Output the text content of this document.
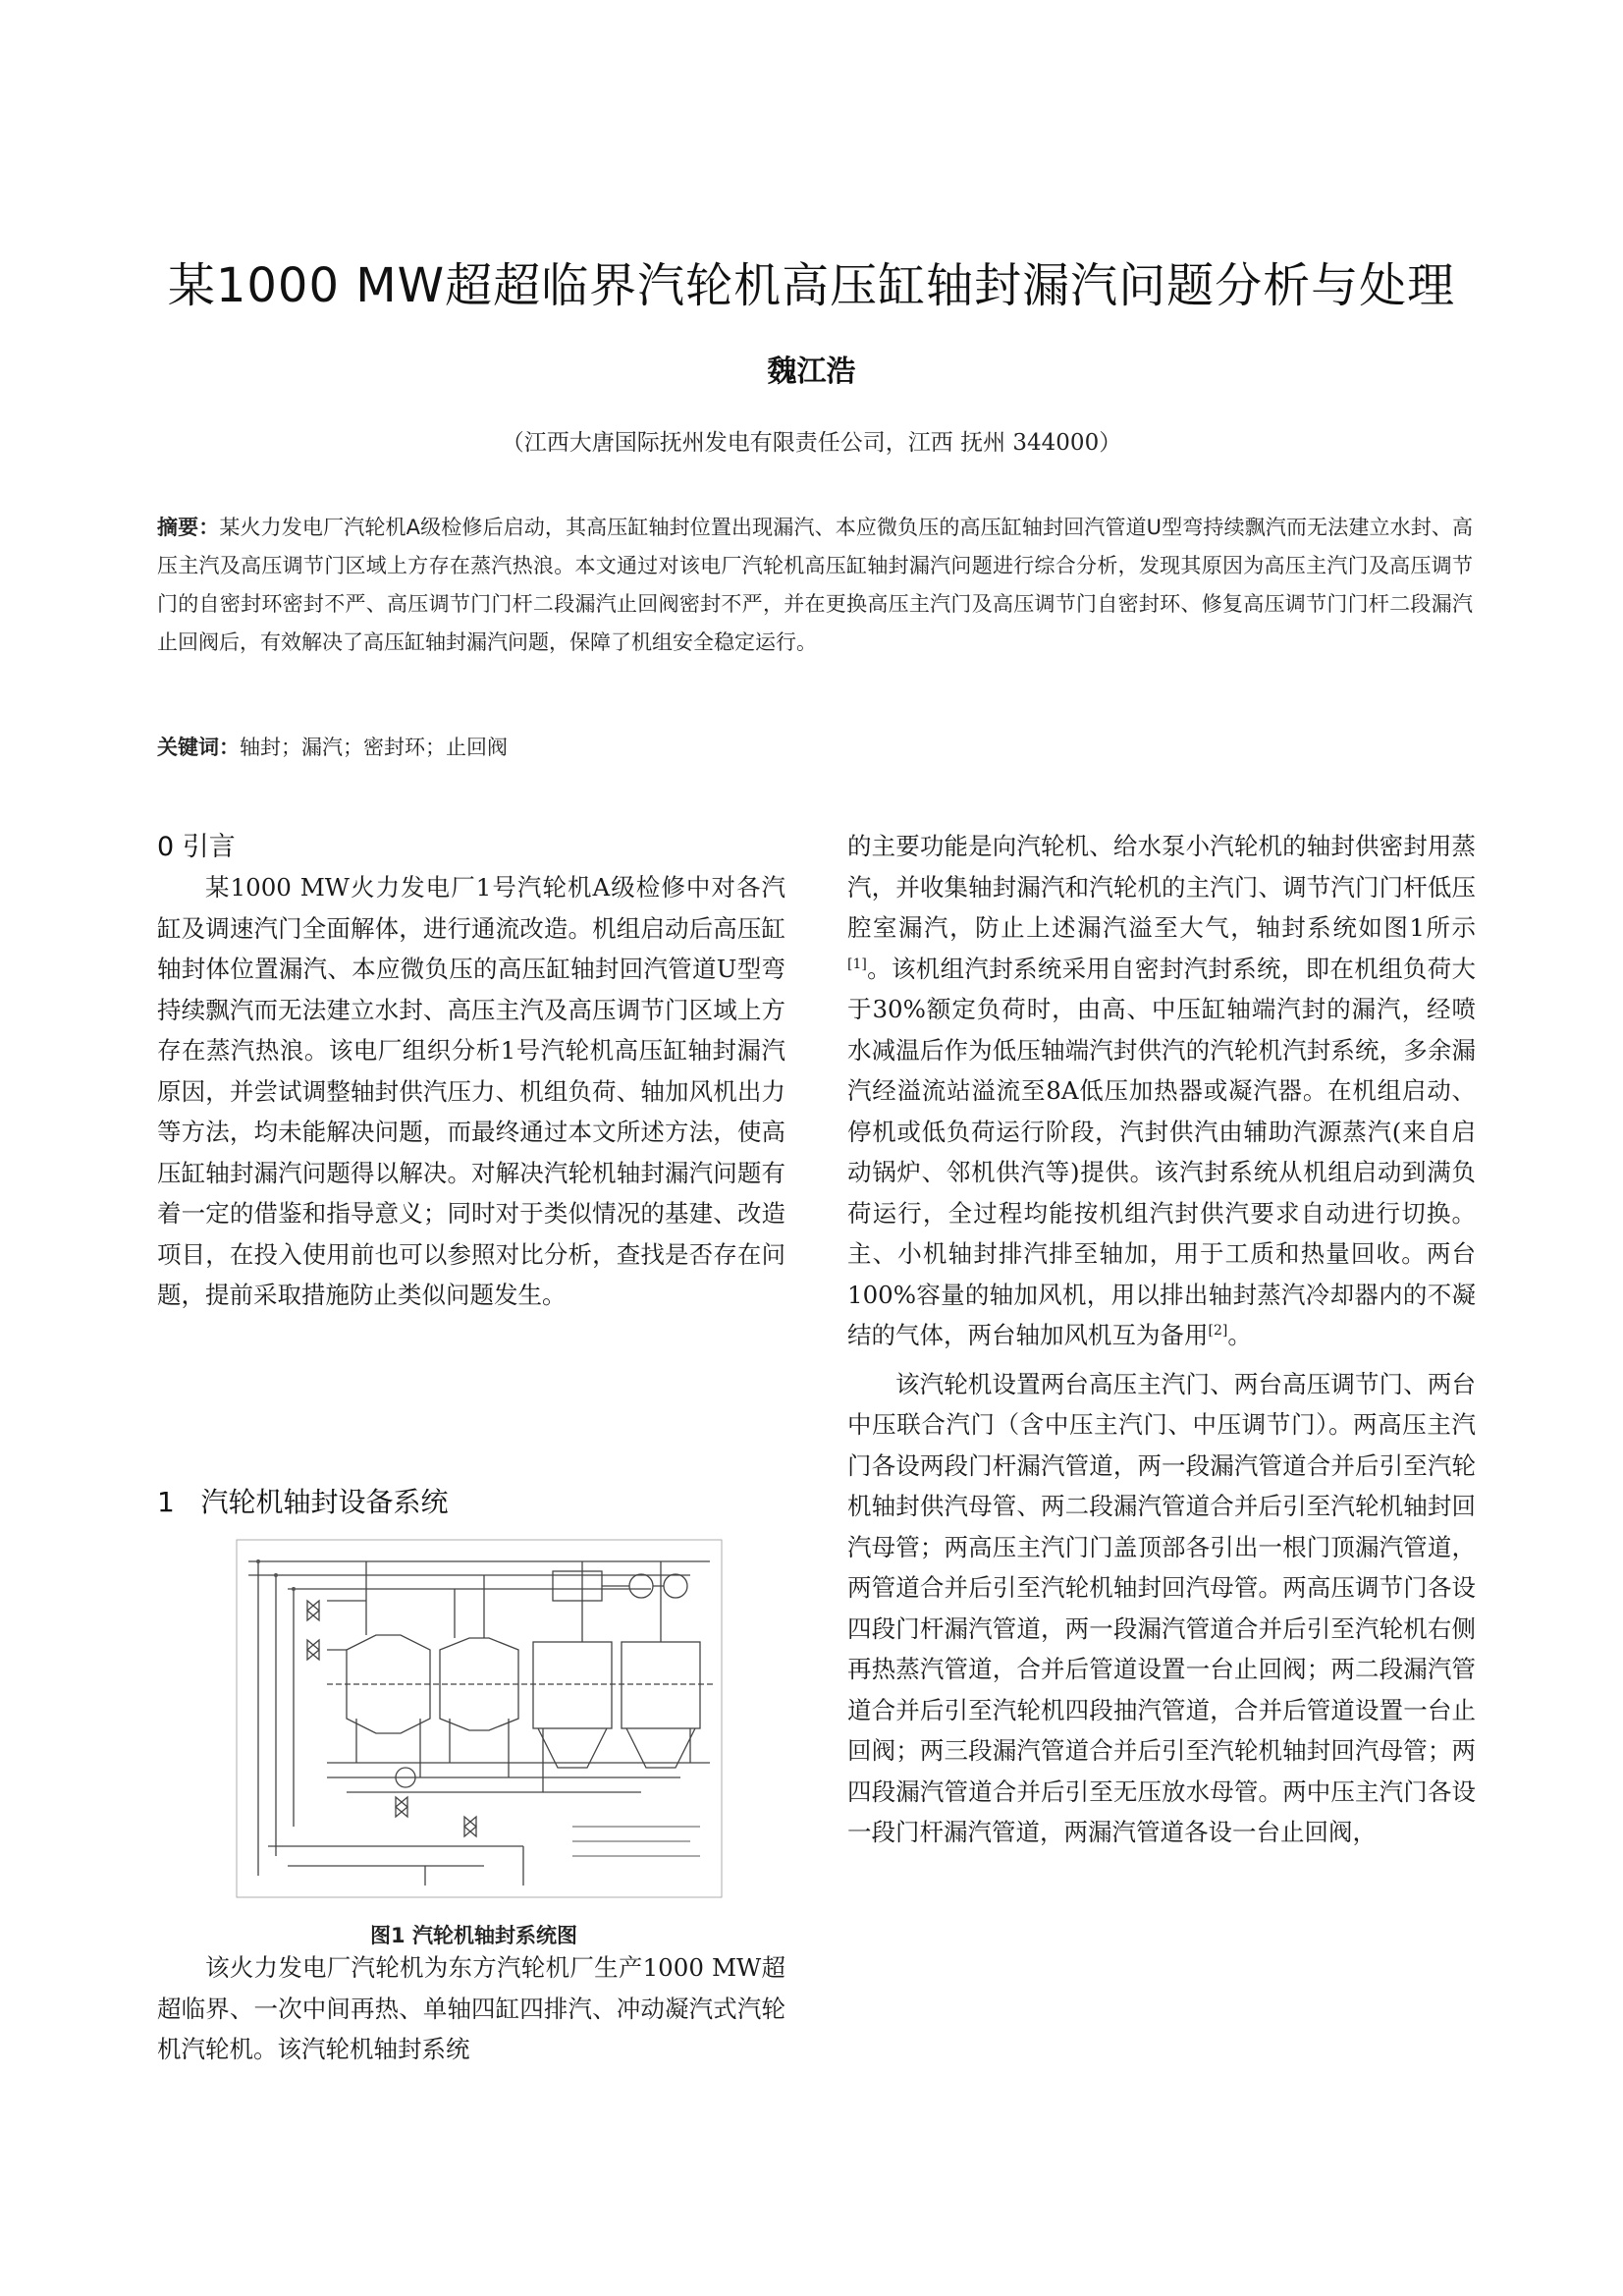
某1000 MW超超临界汽轮机高压缸轴封漏汽问题分析与处理
魏江浩
（江西大唐国际抚州发电有限责任公司，江西 抚州 344000）
摘要：某火力发电厂汽轮机A级检修后启动，其高压缸轴封位置出现漏汽、本应微负压的高压缸轴封回汽管道U型弯持续飘汽而无法建立水封、高压主汽及高压调节门区域上方存在蒸汽热浪。本文通过对该电厂汽轮机高压缸轴封漏汽问题进行综合分析，发现其原因为高压主汽门及高压调节门的自密封环密封不严、高压调节门门杆二段漏汽止回阀密封不严，并在更换高压主汽门及高压调节门自密封环、修复高压调节门门杆二段漏汽止回阀后，有效解决了高压缸轴封漏汽问题，保障了机组安全稳定运行。
关键词：轴封；漏汽；密封环；止回阀
0 引言

某1000 MW火力发电厂1号汽轮机A级检修中对各汽缸及调速汽门全面解体，进行通流改造。机组启动后高压缸轴封体位置漏汽、本应微负压的高压缸轴封回汽管道U型弯持续飘汽而无法建立水封、高压主汽及高压调节门区域上方存在蒸汽热浪。该电厂组织分析1号汽轮机高压缸轴封漏汽原因，并尝试调整轴封供汽压力、机组负荷、轴加风机出力等方法，均未能解决问题，而最终通过本文所述方法，使高压缸轴封漏汽问题得以解决。对解决汽轮机轴封漏汽问题有着一定的借鉴和指导意义；同时对于类似情况的基建、改造项目，在投入使用前也可以参照对比分析，查找是否存在问题，提前采取措施防止类似问题发生。

1   汽轮机轴封设备系统
图1 汽轮机轴封系统图

该火力发电厂汽轮机为东方汽轮机厂生产1000 MW超超临界、一次中间再热、单轴四缸四排汽、冲动凝汽式汽轮机汽轮机。该汽轮机轴封系统

的主要功能是向汽轮机、给水泵小汽轮机的轴封供密封用蒸汽，并收集轴封漏汽和汽轮机的主汽门、调节汽门门杆低压腔室漏汽，防止上述漏汽溢至大气，轴封系统如图1所示[1]。该机组汽封系统采用自密封汽封系统，即在机组负荷大于30%额定负荷时，由高、中压缸轴端汽封的漏汽，经喷水减温后作为低压轴端汽封供汽的汽轮机汽封系统，多余漏汽经溢流站溢流至8A低压加热器或凝汽器。在机组启动、停机或低负荷运行阶段，汽封供汽由辅助汽源蒸汽(来自启动锅炉、邻机供汽等)提供。该汽封系统从机组启动到满负荷运行，全过程均能按机组汽封供汽要求自动进行切换。主、小机轴封排汽排至轴加，用于工质和热量回收。两台100%容量的轴加风机，用以排出轴封蒸汽冷却器内的不凝结的气体，两台轴加风机互为备用[2]。

该汽轮机设置两台高压主汽门、两台高压调节门、两台中压联合汽门（含中压主汽门、中压调节门）。两高压主汽门各设两段门杆漏汽管道，两一段漏汽管道合并后引至汽轮机轴封供汽母管、两二段漏汽管道合并后引至汽轮机轴封回汽母管；两高压主汽门门盖顶部各引出一根门顶漏汽管道，两管道合并后引至汽轮机轴封回汽母管。两高压调节门各设四段门杆漏汽管道，两一段漏汽管道合并后引至汽轮机右侧再热蒸汽管道，合并后管道设置一台止回阀；两二段漏汽管道合并后引至汽轮机四段抽汽管道，合并后管道设置一台止回阀；两三段漏汽管道合并后引至汽轮机轴封回汽母管；两四段漏汽管道合并后引至无压放水母管。两中压主汽门各设一段门杆漏汽管道，两漏汽管道各设一台止回阀，
